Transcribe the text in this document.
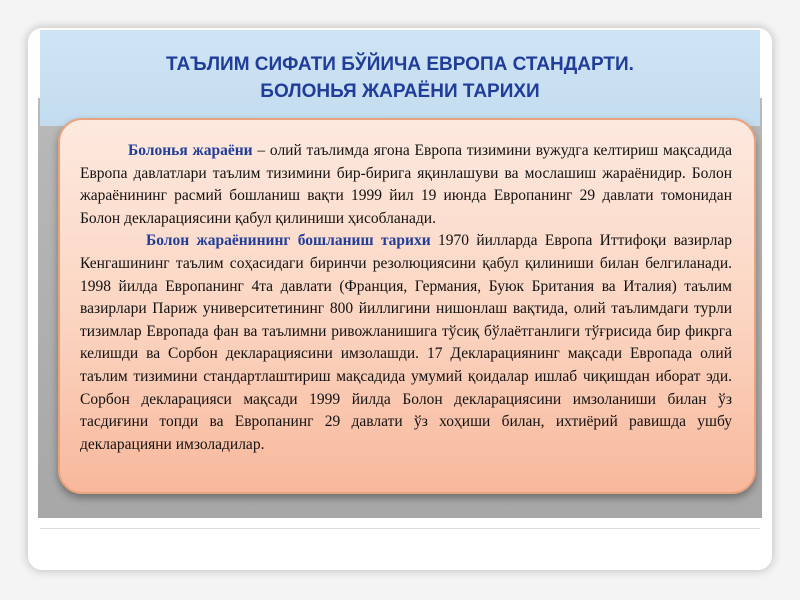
ТАЪЛИМ СИФАТИ БЎЙИЧА ЕВРОПА СТАНДАРТИ.
БОЛОНЬЯ ЖАРАЁНИ ТАРИХИ

Болонья жараёни – олий таълимда ягона Европа тизимини вужудга келтириш мақсадида Европа давлатлари таълим тизимини бир-бирига яқинлашуви ва мослашиш жараёнидир. Болон жараёнининг расмий бошланиш вақти 1999 йил 19 июнда Европанинг 29 давлати томонидан Болон декларациясини қабул қилиниши ҳисобланади.

Болон жараёнининг бошланиш тарихи 1970 йилларда Европа Иттифоқи вазирлар Кенгашининг таълим соҳасидаги биринчи резолюциясини қабул қилиниши билан белгиланади. 1998 йилда Европанинг 4та давлати (Франция, Германия, Буюк Британия ва Италия) таълим вазирлари Париж университетининг 800 йиллигини нишонлаш вақтида, олий таълимдаги турли тизимлар Европада фан ва таълимни ривожланишига тўсиқ бўлаётганлиги тўғрисида бир фикрга келишди ва Сорбон декларациясини имзолашди. 17 Декларациянинг мақсади Европада олий таълим тизимини стандартлаштириш мақсадида умумий қоидалар ишлаб чиқишдан иборат эди. Сорбон декларацияси мақсади 1999 йилда Болон декларациясини имзоланиши билан ўз тасдиғини топди ва Европанинг 29 давлати ўз хоҳиши билан, ихтиёрий равишда ушбу декларацияни имзоладилар.
